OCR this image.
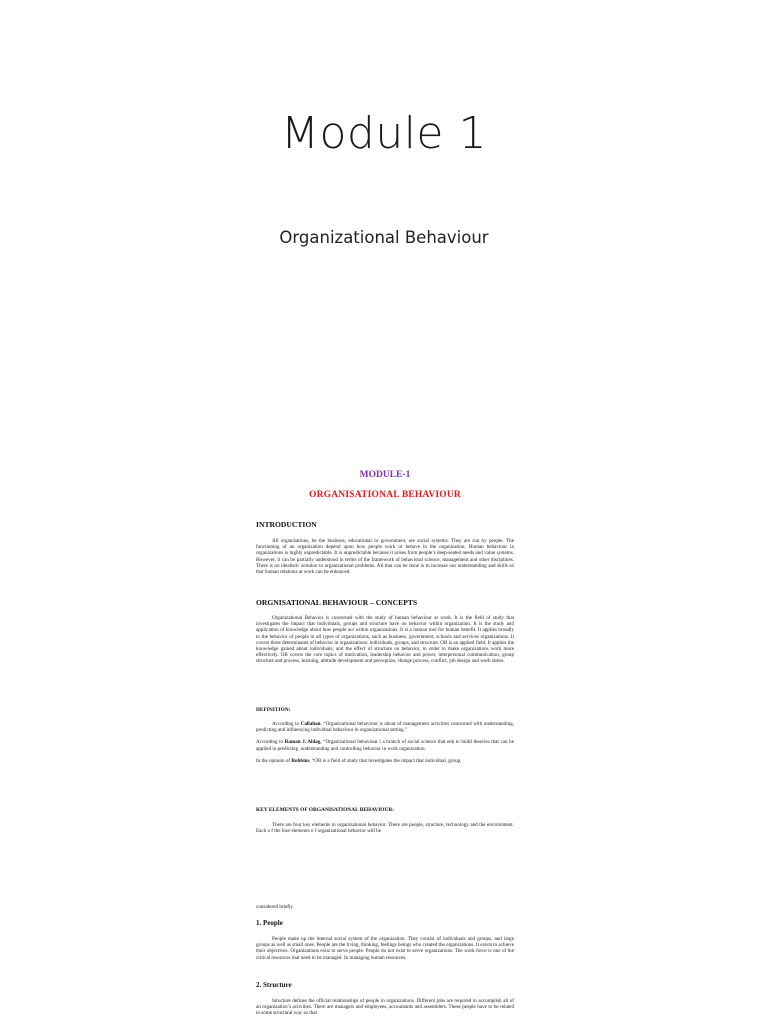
Module 1
Organizational Behaviour
MODULE-1
ORGANISATIONAL BEHAVIOUR

INTRODUCTION

All organizations, be the business, educational or government, are social systems. They are run by people. The functioning of an organization depend upon how people work or behave in the organization. Human behaviour in organizations is highly unpredictable. It is unpredictable because it arises from people’s deep-seated needs and value systems. However, it can be partially understood in terms of the framework of behavioral science, management and other disciplines. There is no idealistic solution to organizational problems. All that can be done is to increase our understanding and skills so that human relations at work can be enhanced.

ORGNISATIONAL BEHAVIOUR – CONCEPTS

Organizational Behavior is concerned with the study of human behaviour at work. It is the field of study that investigates the impact that individuals, groups and structure have on behavior within organization. It is the study and application of knowledge about how people act within organizations. It is a human tool for human benefit. It applies broadly to the behavior of people in all types of organizations, such as business, government, schools and services organizations. It covers three determinants of behavior in organizations: individuals, groups, and structure. OB is an applied field. It applies the knowledge gained about individuals, and the effect of structure on behavior, in order to make organizations work more effectively. OB covers the core topics of motivation, leadership behavior and power, interpersonal communication, group structure and process, learning, attitude development and perception, change process, conflict, job design and work stress.

DEFINITION:

According to Callahan, “Organizational behaviour is about of management activities concerned with understanding, predicting and influencing individual behaviour in organizational setting.”

According to Raman J. Aldag, “Organizational behaviour i a branch of social science that eek to build theories that can be applied in predicting ,understanding and controlling behavior in work organization.

In the opinion of Robbins, “OB is a field of study that investigates the impact that individual, group,

KEY ELEMENTS OF ORGANISATIONAL BEHAVIOUR:

There are four key elements in organizational behavior. There are people, structure, technology and the environment. Each o f the four elements o f organizational behavior will be

considered briefly.

1. People

People make up the internal social system of the organization. They consist of individuals and groups, and large groups as well as small ones. People are the living, thinking, feelings beings who created the organizations. It exists to achieve their objectives. Organizations exist to serve people. People do not exist to serve organizations. The work force is one of the critical resources that need to be managed. In managing human resources.

2. Structure

Structure defines the official relationships of people in organizations. Different jobs are required to accomplish all of an organization’s activities. There are managers and employees, accountants and assemblers. These people have to be related in some structural way so that
